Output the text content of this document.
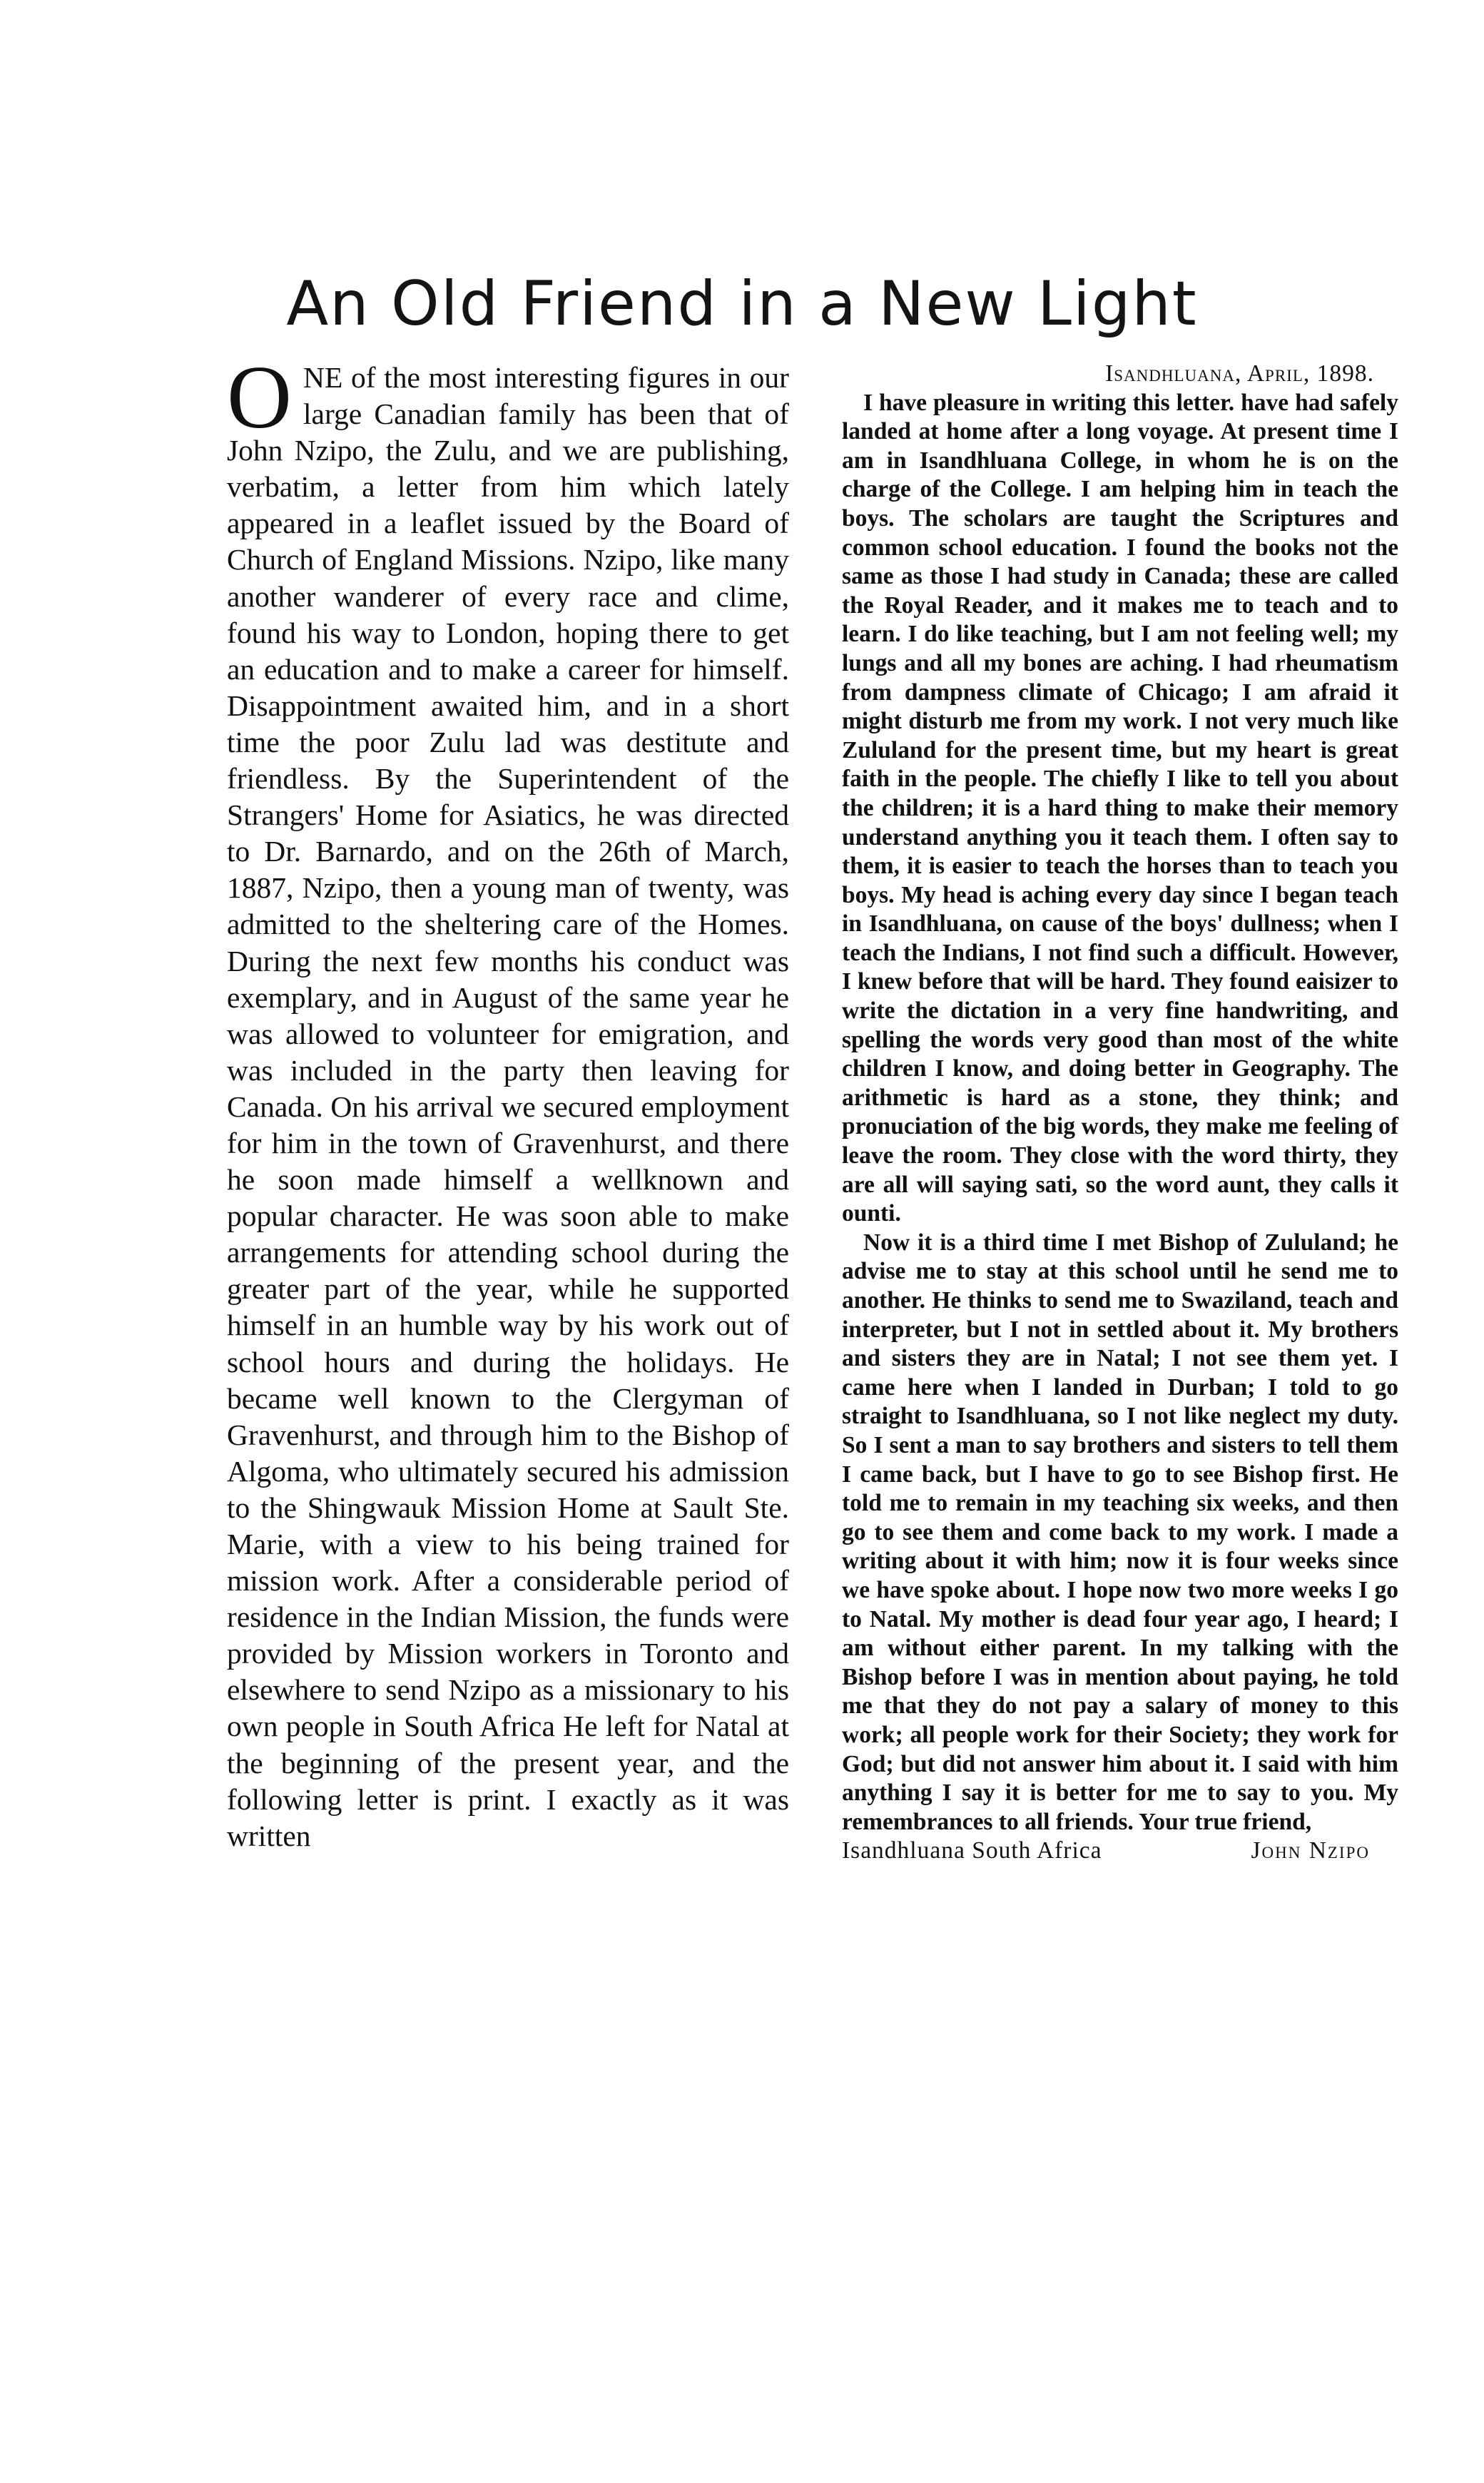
An Old Friend in a New Light

ONE of the most interesting figures in our large Canadian family has been that of John Nzipo, the Zulu, and we are publishing, verbatim, a letter from him which lately appeared in a leaflet issued by the Board of Church of England Missions. Nzipo, like many another wanderer of every race and clime, found his way to London, hoping there to get an education and to make a career for himself. Disappointment awaited him, and in a short time the poor Zulu lad was destitute and friendless. By the Superintendent of the Strangers' Home for Asiatics, he was directed to Dr. Barnardo, and on the 26th of March, 1887, Nzipo, then a young man of twenty, was admitted to the sheltering care of the Homes. During the next few months his conduct was exemplary, and in August of the same year he was allowed to volunteer for emigration, and was included in the party then leaving for Canada. On his arrival we secured employment for him in the town of Gravenhurst, and there he soon made himself a wellknown and popular character. He was soon able to make arrangements for attending school during the greater part of the year, while he supported himself in an humble way by his work out of school hours and during the holidays. He became well known to the Clergyman of Gravenhurst, and through him to the Bishop of Algoma, who ultimately secured his admission to the Shingwauk Mission Home at Sault Ste. Marie, with a view to his being trained for mission work. After a considerable period of residence in the Indian Mission, the funds were provided by Mission workers in Toronto and elsewhere to send Nzipo as a missionary to his own people in South Africa He left for Natal at the beginning of the present year, and the following letter is print. I exactly as it was written

Isandhluana, April, 1898.

I have pleasure in writing this letter. have had safely landed at home after a long voyage. At present time I am in Isandhluana College, in whom he is on the charge of the College. I am helping him in teach the boys. The scholars are taught the Scriptures and common school education. I found the books not the same as those I had study in Canada; these are called the Royal Reader, and it makes me to teach and to learn. I do like teaching, but I am not feeling well; my lungs and all my bones are aching. I had rheumatism from dampness climate of Chicago; I am afraid it might disturb me from my work. I not very much like Zululand for the present time, but my heart is great faith in the people. The chiefly I like to tell you about the children; it is a hard thing to make their memory understand anything you it teach them. I often say to them, it is easier to teach the horses than to teach you boys. My head is aching every day since I began teach in Isandhluana, on cause of the boys' dullness; when I teach the Indians, I not find such a difficult. However, I knew before that will be hard. They found eaisizer to write the dictation in a very fine handwriting, and spelling the words very good than most of the white children I know, and doing better in Geography. The arithmetic is hard as a stone, they think; and pronuciation of the big words, they make me feeling of leave the room. They close with the word thirty, they are all will saying sati, so the word aunt, they calls it ounti.

Now it is a third time I met Bishop of Zululand; he advise me to stay at this school until he send me to another. He thinks to send me to Swaziland, teach and interpreter, but I not in settled about it. My brothers and sisters they are in Natal; I not see them yet. I came here when I landed in Durban; I told to go straight to Isandhluana, so I not like neglect my duty. So I sent a man to say brothers and sisters to tell them I came back, but I have to go to see Bishop first. He told me to remain in my teaching six weeks, and then go to see them and come back to my work. I made a writing about it with him; now it is four weeks since we have spoke about. I hope now two more weeks I go to Natal. My mother is dead four year ago, I heard; I am without either parent. In my talking with the Bishop before I was in mention about paying, he told me that they do not pay a salary of money to this work; all people work for their Society; they work for God; but did not answer him about it. I said with him anything I say it is better for me to say to you. My remembrances to all friends. Your true friend,

Isandhluana South Africa	John Nzipo
